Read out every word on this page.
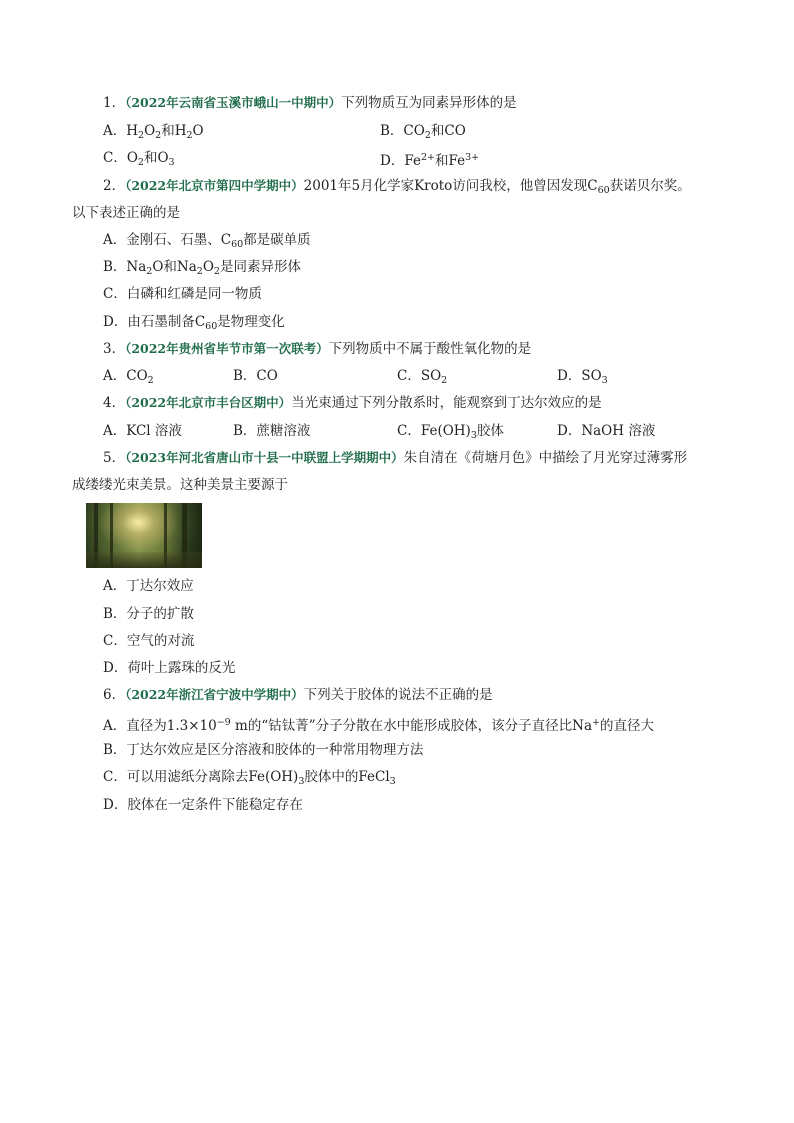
1．（2022年云南省玉溪市峨山一中期中）下列物质互为同素异形体的是
A．$H_2O_2$和$H_2O$	B．$CO_2$和CO
C．$O_2$和$O_3$	D．$Fe^{2+}$和$Fe^{3+}$
2．（2022年北京市第四中学期中）2001年5月化学家Kroto访问我校，他曾因发现$C_{60}$获诺贝尔奖。
以下表述正确的是
A．金刚石、石墨、$C_{60}$都是碳单质
B．$Na_2O$和$Na_2O_2$是同素异形体
C．白磷和红磷是同一物质
D．由石墨制备$C_{60}$是物理变化
3．（2022年贵州省毕节市第一次联考）下列物质中不属于酸性氧化物的是
A．$CO_2$	B．CO	C．$SO_2$	D．$SO_3$
4．（2022年北京市丰台区期中）当光束通过下列分散系时，能观察到丁达尔效应的是
A．KCl 溶液	B．蔗糖溶液	C．$Fe(OH)_3$胶体	D．NaOH 溶液
5．（2023年河北省唐山市十县一中联盟上学期期中）朱自清在《荷塘月色》中描绘了月光穿过薄雾形
成缕缕光束美景。这种美景主要源于
A．丁达尔效应
B．分子的扩散
C．空气的对流
D．荷叶上露珠的反光
6．（2022年浙江省宁波中学期中）下列关于胶体的说法不正确的是
A．直径为$1.3\times 10^{-9}$ m的“钴钛菁”分子分散在水中能形成胶体，该分子直径比Na+的直径大
B．丁达尔效应是区分溶液和胶体的一种常用物理方法
C．可以用滤纸分离除去$Fe(OH)_3$胶体中的FeCl$_3$
D．胶体在一定条件下能稳定存在
